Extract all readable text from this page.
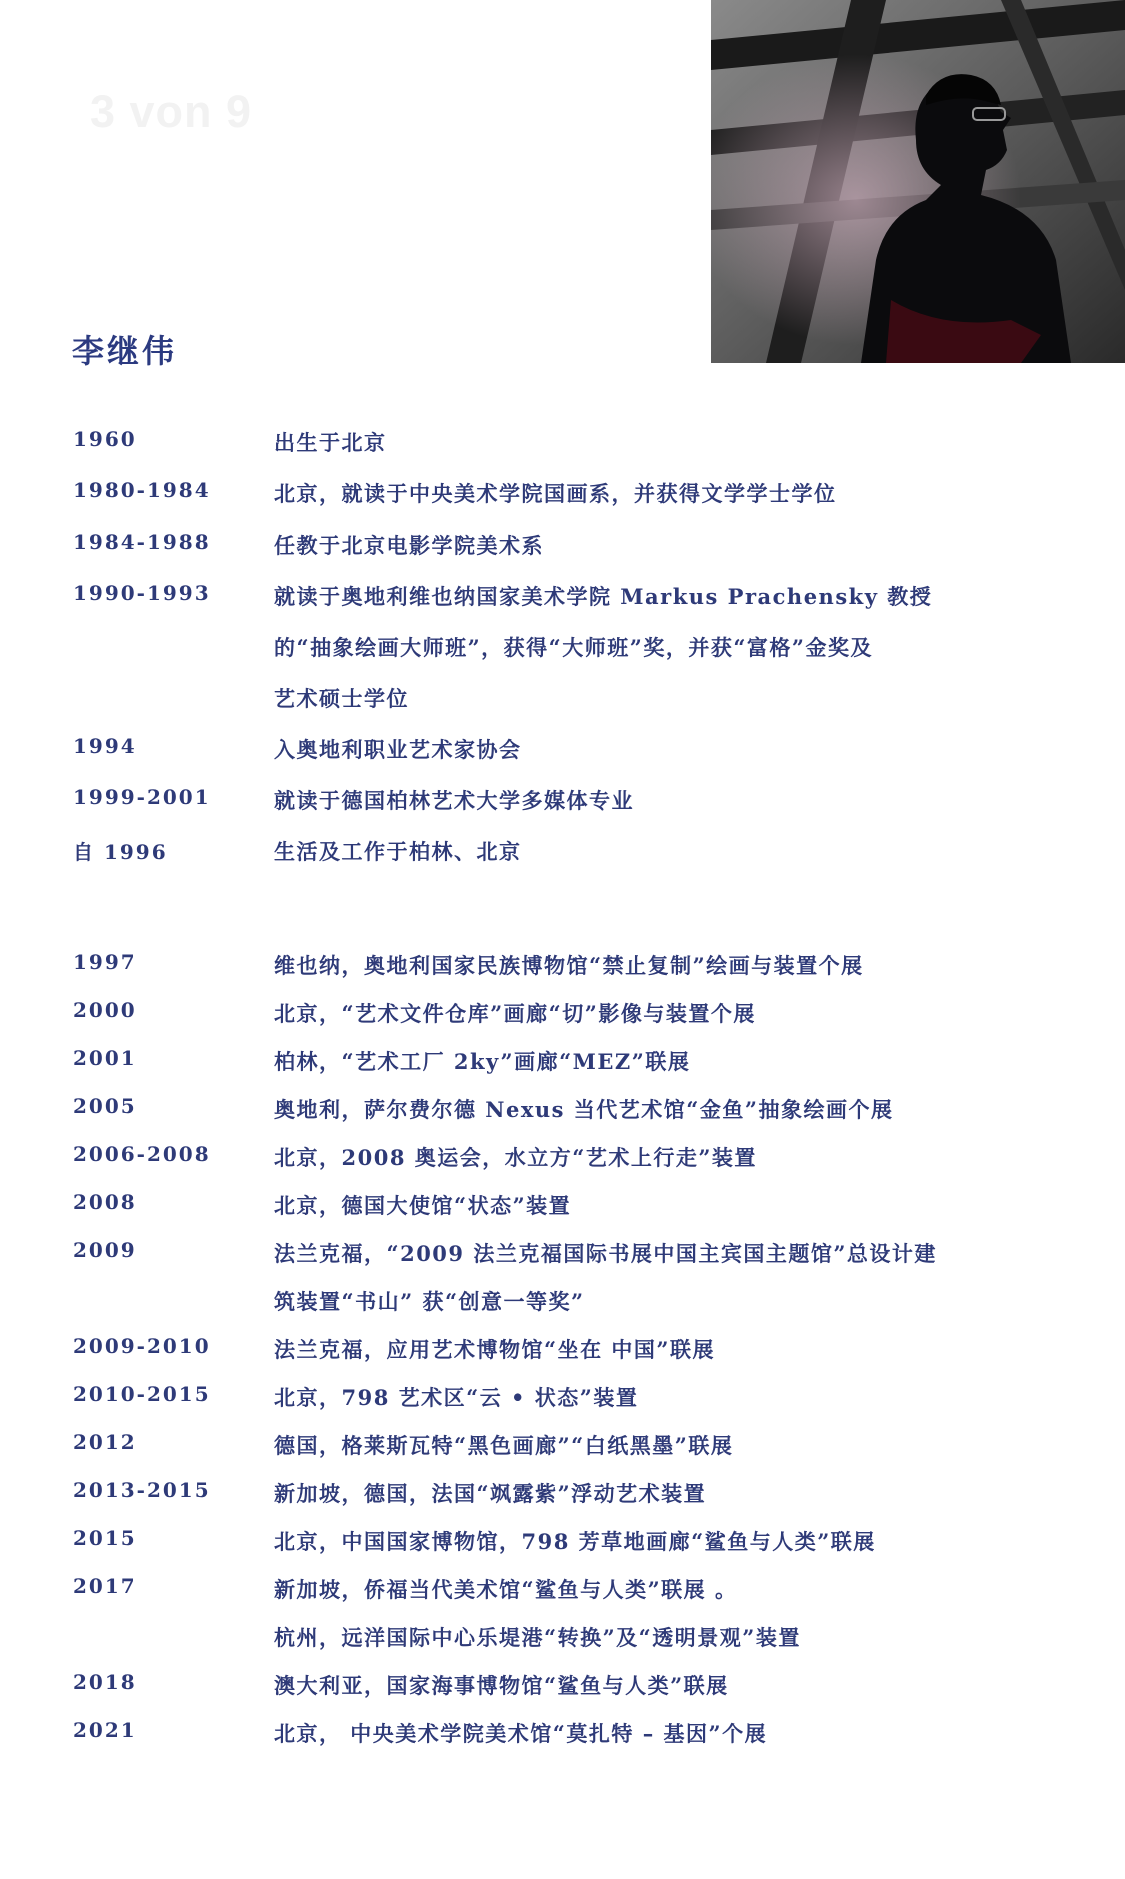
3 von 9
李继伟
1960	出生于北京
1980-1984	北京，就读于中央美术学院国画系，并获得文学学士学位
1984-1988	任教于北京电影学院美术系
1990-1993	就读于奥地利维也纳国家美术学院 Markus Prachensky 教授
的“抽象绘画大师班”，获得“大师班”奖，并获“富格”金奖及
艺术硕士学位
1994	入奥地利职业艺术家协会
1999-2001	就读于德国柏林艺术大学多媒体专业
自 1996	生活及工作于柏林、北京
1997	维也纳，奥地利国家民族博物馆“禁止复制”绘画与装置个展
2000	北京，“艺术文件仓库”画廊“切”影像与装置个展
2001	柏林，“艺术工厂 2ky”画廊“MEZ”联展
2005	奥地利，萨尔费尔德 Nexus 当代艺术馆“金鱼”抽象绘画个展
2006-2008	北京，2008 奥运会，水立方“艺术上行走”装置
2008	北京，德国大使馆“状态”装置
2009	法兰克福，“2009 法兰克福国际书展中国主宾国主题馆”总设计建
筑装置“书山” 获“创意一等奖”
2009-2010	法兰克福，应用艺术博物馆“坐在 中国”联展
2010-2015	北京，798 艺术区“云 • 状态”装置
2012	德国，格莱斯瓦特“黑色画廊”“白纸黑墨”联展
2013-2015	新加坡，德国，法国“飒露紫”浮动艺术装置
2015	北京，中国国家博物馆，798 芳草地画廊“鲨鱼与人类”联展
2017	新加坡，侨福当代美术馆“鲨鱼与人类”联展 。
杭州，远洋国际中心乐堤港“转换”及“透明景观”装置
2018	澳大利亚，国家海事博物馆“鲨鱼与人类”联展
2021	北京， 中央美术学院美术馆“莫扎特 – 基因”个展
